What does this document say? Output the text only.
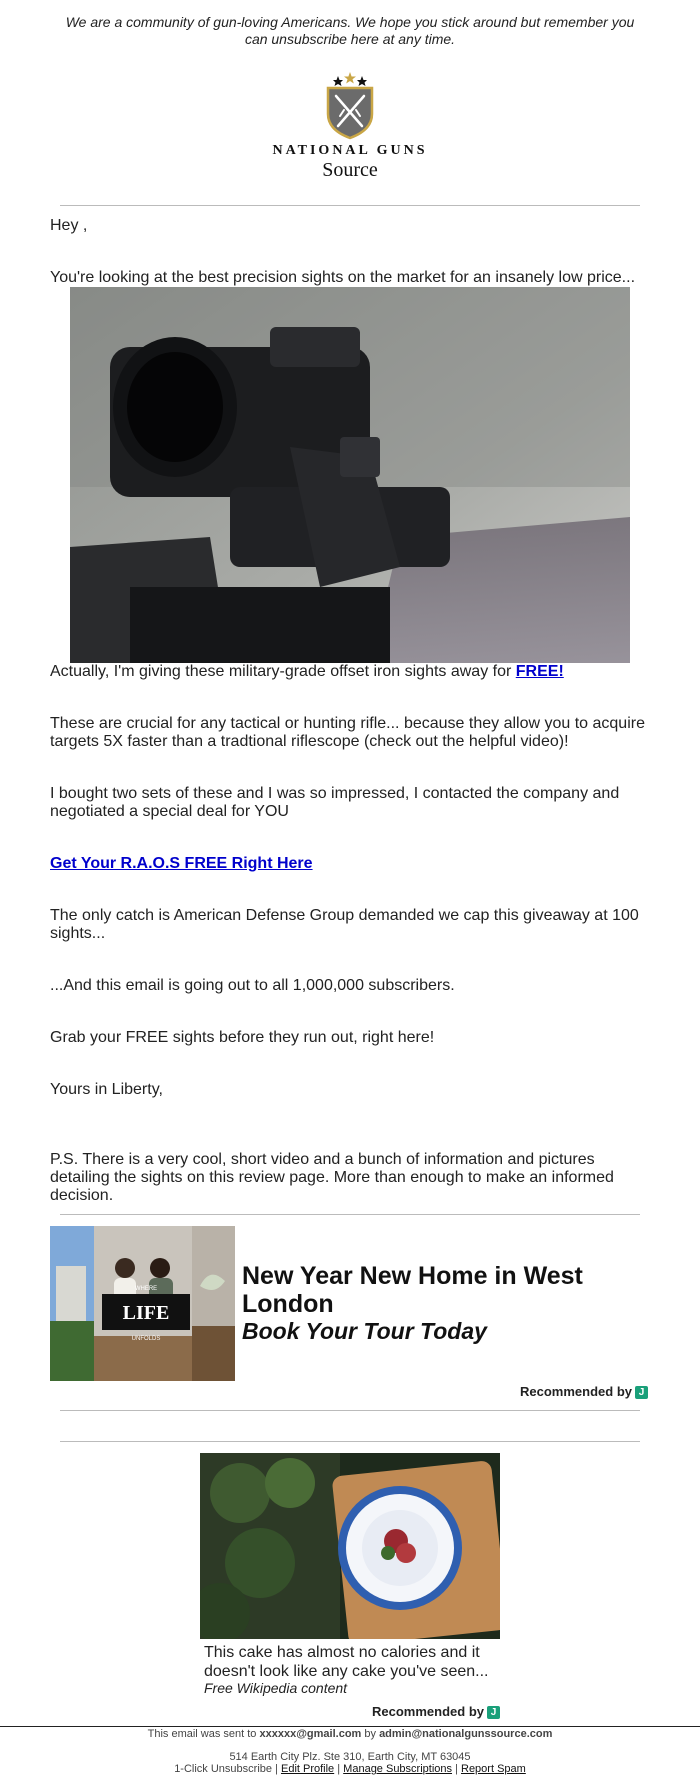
We are a community of gun-loving Americans. We hope you stick around but remember you can unsubscribe here at any time.
NATIONAL GUNS
Source
Hey ,
You're looking at the best precision sights on the market for an insanely low price...
Actually, I'm giving these military-grade offset iron sights away for FREE!
These are crucial for any tactical or hunting rifle... because they allow you to acquire targets 5X faster than a tradtional riflescope (check out the helpful video)!
I bought two sets of these and I was so impressed, I contacted the company and negotiated a special deal for YOU
Get Your R.A.O.S FREE Right Here
The only catch is American Defense Group demanded we cap this giveaway at 100 sights...
...And this email is going out to all 1,000,000 subscribers.
Grab your FREE sights before they run out, right here!
Yours in Liberty,
P.S. There is a very cool, short video and a bunch of information and pictures detailing the sights on this review page. More than enough to make an informed decision.
WHERE
LIFE
UNFOLDS
New Year New Home in West London
Book Your Tour Today
Recommended by J
This cake has almost no calories and it doesn't look like any cake you've seen...
Free Wikipedia content
Recommended by J
This email was sent to xxxxxx@gmail.com by admin@nationalgunssource.com
514 Earth City Plz. Ste 310, Earth City, MT 63045
1-Click Unsubscribe | Edit Profile | Manage Subscriptions | Report Spam
